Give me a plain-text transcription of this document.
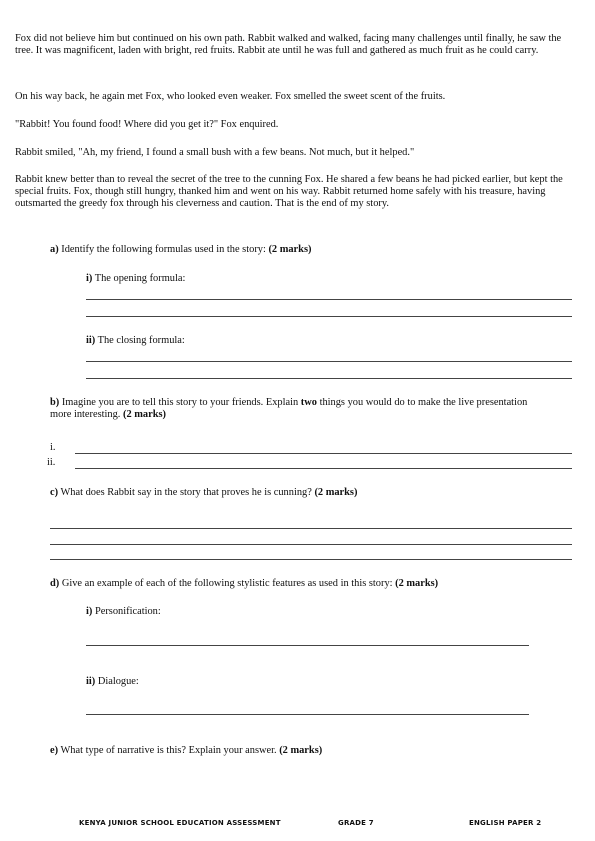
Fox did not believe him but continued on his own path. Rabbit walked and walked, facing many challenges until finally, he saw the tree. It was magnificent, laden with bright, red fruits. Rabbit ate until he was full and gathered as much fruit as he could carry.

On his way back, he again met Fox, who looked even weaker. Fox smelled the sweet scent of the fruits.

"Rabbit! You found food! Where did you get it?" Fox enquired.

Rabbit smiled, "Ah, my friend, I found a small bush with a few beans. Not much, but it helped."

Rabbit knew better than to reveal the secret of the tree to the cunning Fox. He shared a few beans he had picked earlier, but kept the special fruits. Fox, though still hungry, thanked him and went on his way. Rabbit returned home safely with his treasure, having outsmarted the greedy fox through his cleverness and caution. That is the end of my story.

a) Identify the following formulas used in the story: (2 marks)

i) The opening formula:

ii) The closing formula:

b) Imagine you are to tell this story to your friends. Explain two things you would do to make the live presentation more interesting. (2 marks)

i.
ii.

c) What does Rabbit say in the story that proves he is cunning? (2 marks)

d) Give an example of each of the following stylistic features as used in this story: (2 marks)

i) Personification:

ii) Dialogue:

e) What type of narrative is this? Explain your answer. (2 marks)

KENYA JUNIOR SCHOOL EDUCATION ASSESSMENT	GRADE 7	ENGLISH PAPER 2
